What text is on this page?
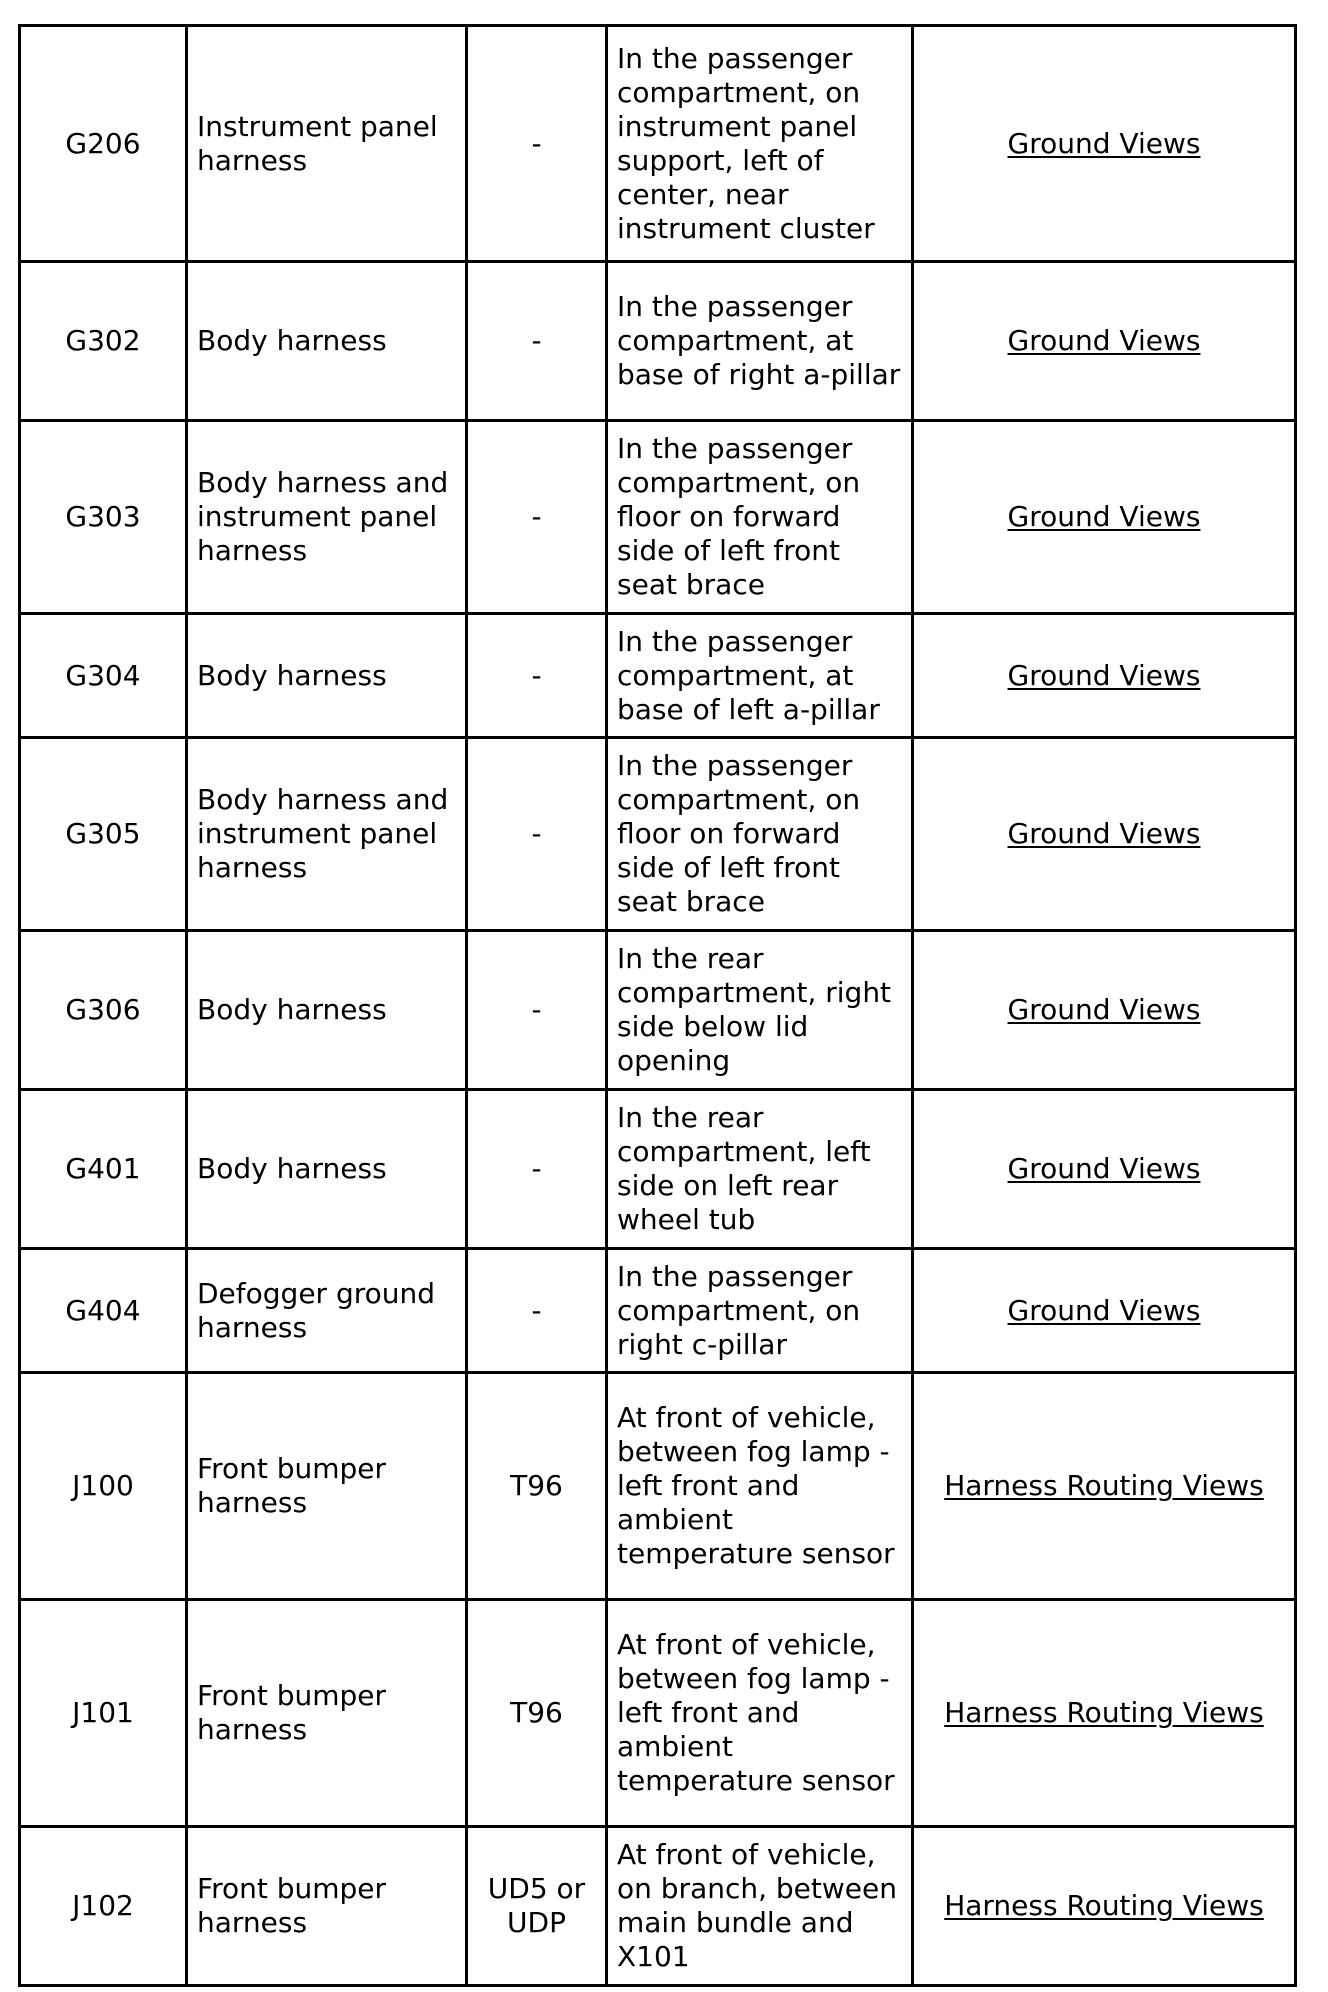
G206	Instrument panel harness	-	In the passenger compartment, on instrument panel support, left of center, near instrument cluster	Ground Views
G302	Body harness	-	In the passenger compartment, at base of right a-pillar	Ground Views
G303	Body harness and instrument panel harness	-	In the passenger compartment, on floor on forward side of left front seat brace	Ground Views
G304	Body harness	-	In the passenger compartment, at base of left a-pillar	Ground Views
G305	Body harness and instrument panel harness	-	In the passenger compartment, on floor on forward side of left front seat brace	Ground Views
G306	Body harness	-	In the rear compartment, right side below lid opening	Ground Views
G401	Body harness	-	In the rear compartment, left side on left rear wheel tub	Ground Views
G404	Defogger ground harness	-	In the passenger compartment, on right c-pillar	Ground Views
J100	Front bumper harness	T96	At front of vehicle, between fog lamp - left front and ambient temperature sensor	Harness Routing Views
J101	Front bumper harness	T96	At front of vehicle, between fog lamp - left front and ambient temperature sensor	Harness Routing Views
J102	Front bumper harness	UD5 or UDP	At front of vehicle, on branch, between main bundle and X101	Harness Routing Views
